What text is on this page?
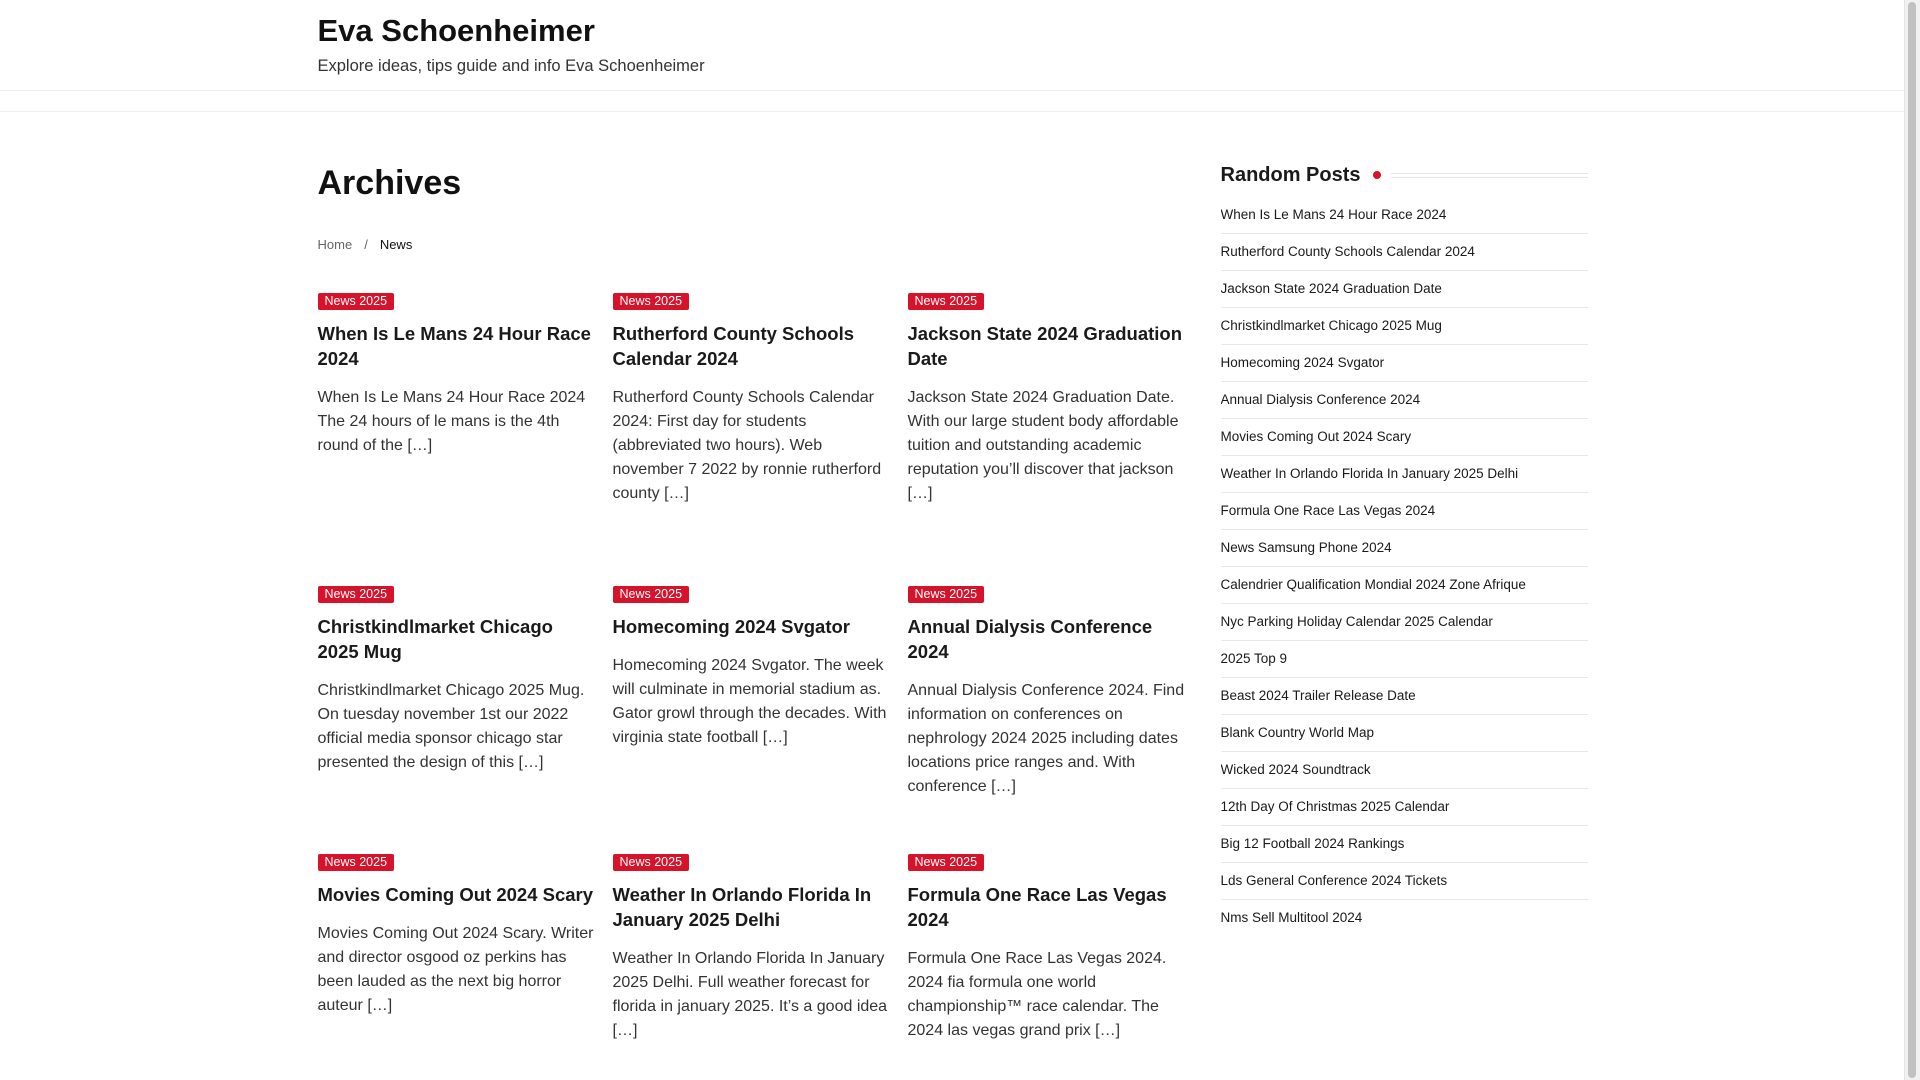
Eva Schoenheimer
Explore ideas, tips guide and info Eva Schoenheimer
Archives
Home / News
News 2025
When Is Le Mans 24 Hour Race 2024
When Is Le Mans 24 Hour Race 2024 The 24 hours of le mans is the 4th round of the […]
News 2025
Rutherford County Schools Calendar 2024
Rutherford County Schools Calendar 2024: First day for students (abbreviated two hours). Web november 7 2022 by ronnie rutherford county […]
News 2025
Jackson State 2024 Graduation Date
Jackson State 2024 Graduation Date. With our large student body affordable tuition and outstanding academic reputation you’ll discover that jackson […]
News 2025
Christkindlmarket Chicago 2025 Mug
Christkindlmarket Chicago 2025 Mug. On tuesday november 1st our 2022 official media sponsor chicago star presented the design of this […]
News 2025
Homecoming 2024 Svgator
Homecoming 2024 Svgator. The week will culminate in memorial stadium as. Gator growl through the decades. With virginia state football […]
News 2025
Annual Dialysis Conference 2024
Annual Dialysis Conference 2024. Find information on conferences on nephrology 2024 2025 including dates locations price ranges and. With conference […]
News 2025
Movies Coming Out 2024 Scary
Movies Coming Out 2024 Scary. Writer and director osgood oz perkins has been lauded as the next big horror auteur […]
News 2025
Weather In Orlando Florida In January 2025 Delhi
Weather In Orlando Florida In January 2025 Delhi. Full weather forecast for florida in january 2025. It’s a good idea […]
News 2025
Formula One Race Las Vegas 2024
Formula One Race Las Vegas 2024. 2024 fia formula one world championship™ race calendar. The 2024 las vegas grand prix […]
Random Posts
When Is Le Mans 24 Hour Race 2024
Rutherford County Schools Calendar 2024
Jackson State 2024 Graduation Date
Christkindlmarket Chicago 2025 Mug
Homecoming 2024 Svgator
Annual Dialysis Conference 2024
Movies Coming Out 2024 Scary
Weather In Orlando Florida In January 2025 Delhi
Formula One Race Las Vegas 2024
News Samsung Phone 2024
Calendrier Qualification Mondial 2024 Zone Afrique
Nyc Parking Holiday Calendar 2025 Calendar
2025 Top 9
Beast 2024 Trailer Release Date
Blank Country World Map
Wicked 2024 Soundtrack
12th Day Of Christmas 2025 Calendar
Big 12 Football 2024 Rankings
Lds General Conference 2024 Tickets
Nms Sell Multitool 2024
